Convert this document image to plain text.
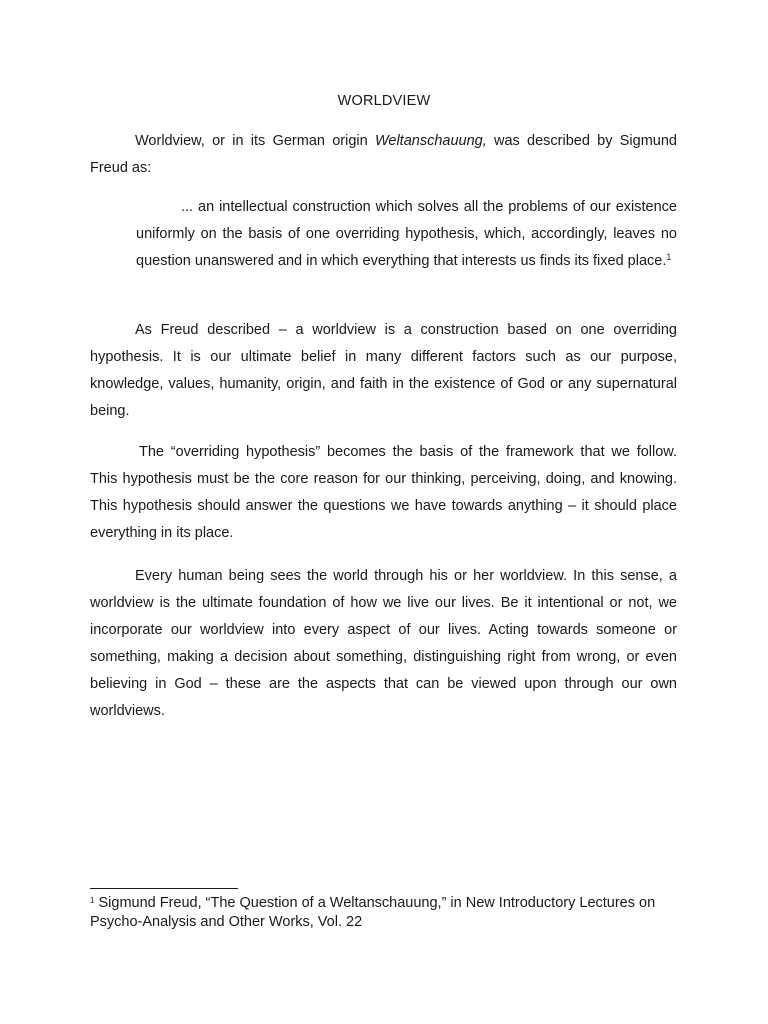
WORLDVIEW
Worldview, or in its German origin Weltanschauung, was described by Sigmund Freud as:
... an intellectual construction which solves all the problems of our existence uniformly on the basis of one overriding hypothesis, which, accordingly, leaves no question unanswered and in which everything that interests us finds its fixed place.$^1$
As Freud described – a worldview is a construction based on one overriding hypothesis. It is our ultimate belief in many different factors such as our purpose, knowledge, values, humanity, origin, and faith in the existence of God or any supernatural being.
The “overriding hypothesis” becomes the basis of the framework that we follow. This hypothesis must be the core reason for our thinking, perceiving, doing, and knowing. This hypothesis should answer the questions we have towards anything – it should place everything in its place.
Every human being sees the world through his or her worldview. In this sense, a worldview is the ultimate foundation of how we live our lives. Be it intentional or not, we incorporate our worldview into every aspect of our lives. Acting towards someone or something, making a decision about something, distinguishing right from wrong, or even believing in God – these are the aspects that can be viewed upon through our own worldviews.
$^1$ Sigmund Freud, “The Question of a Weltanschauung,” in New Introductory Lectures on Psycho-Analysis and Other Works, Vol. 22
